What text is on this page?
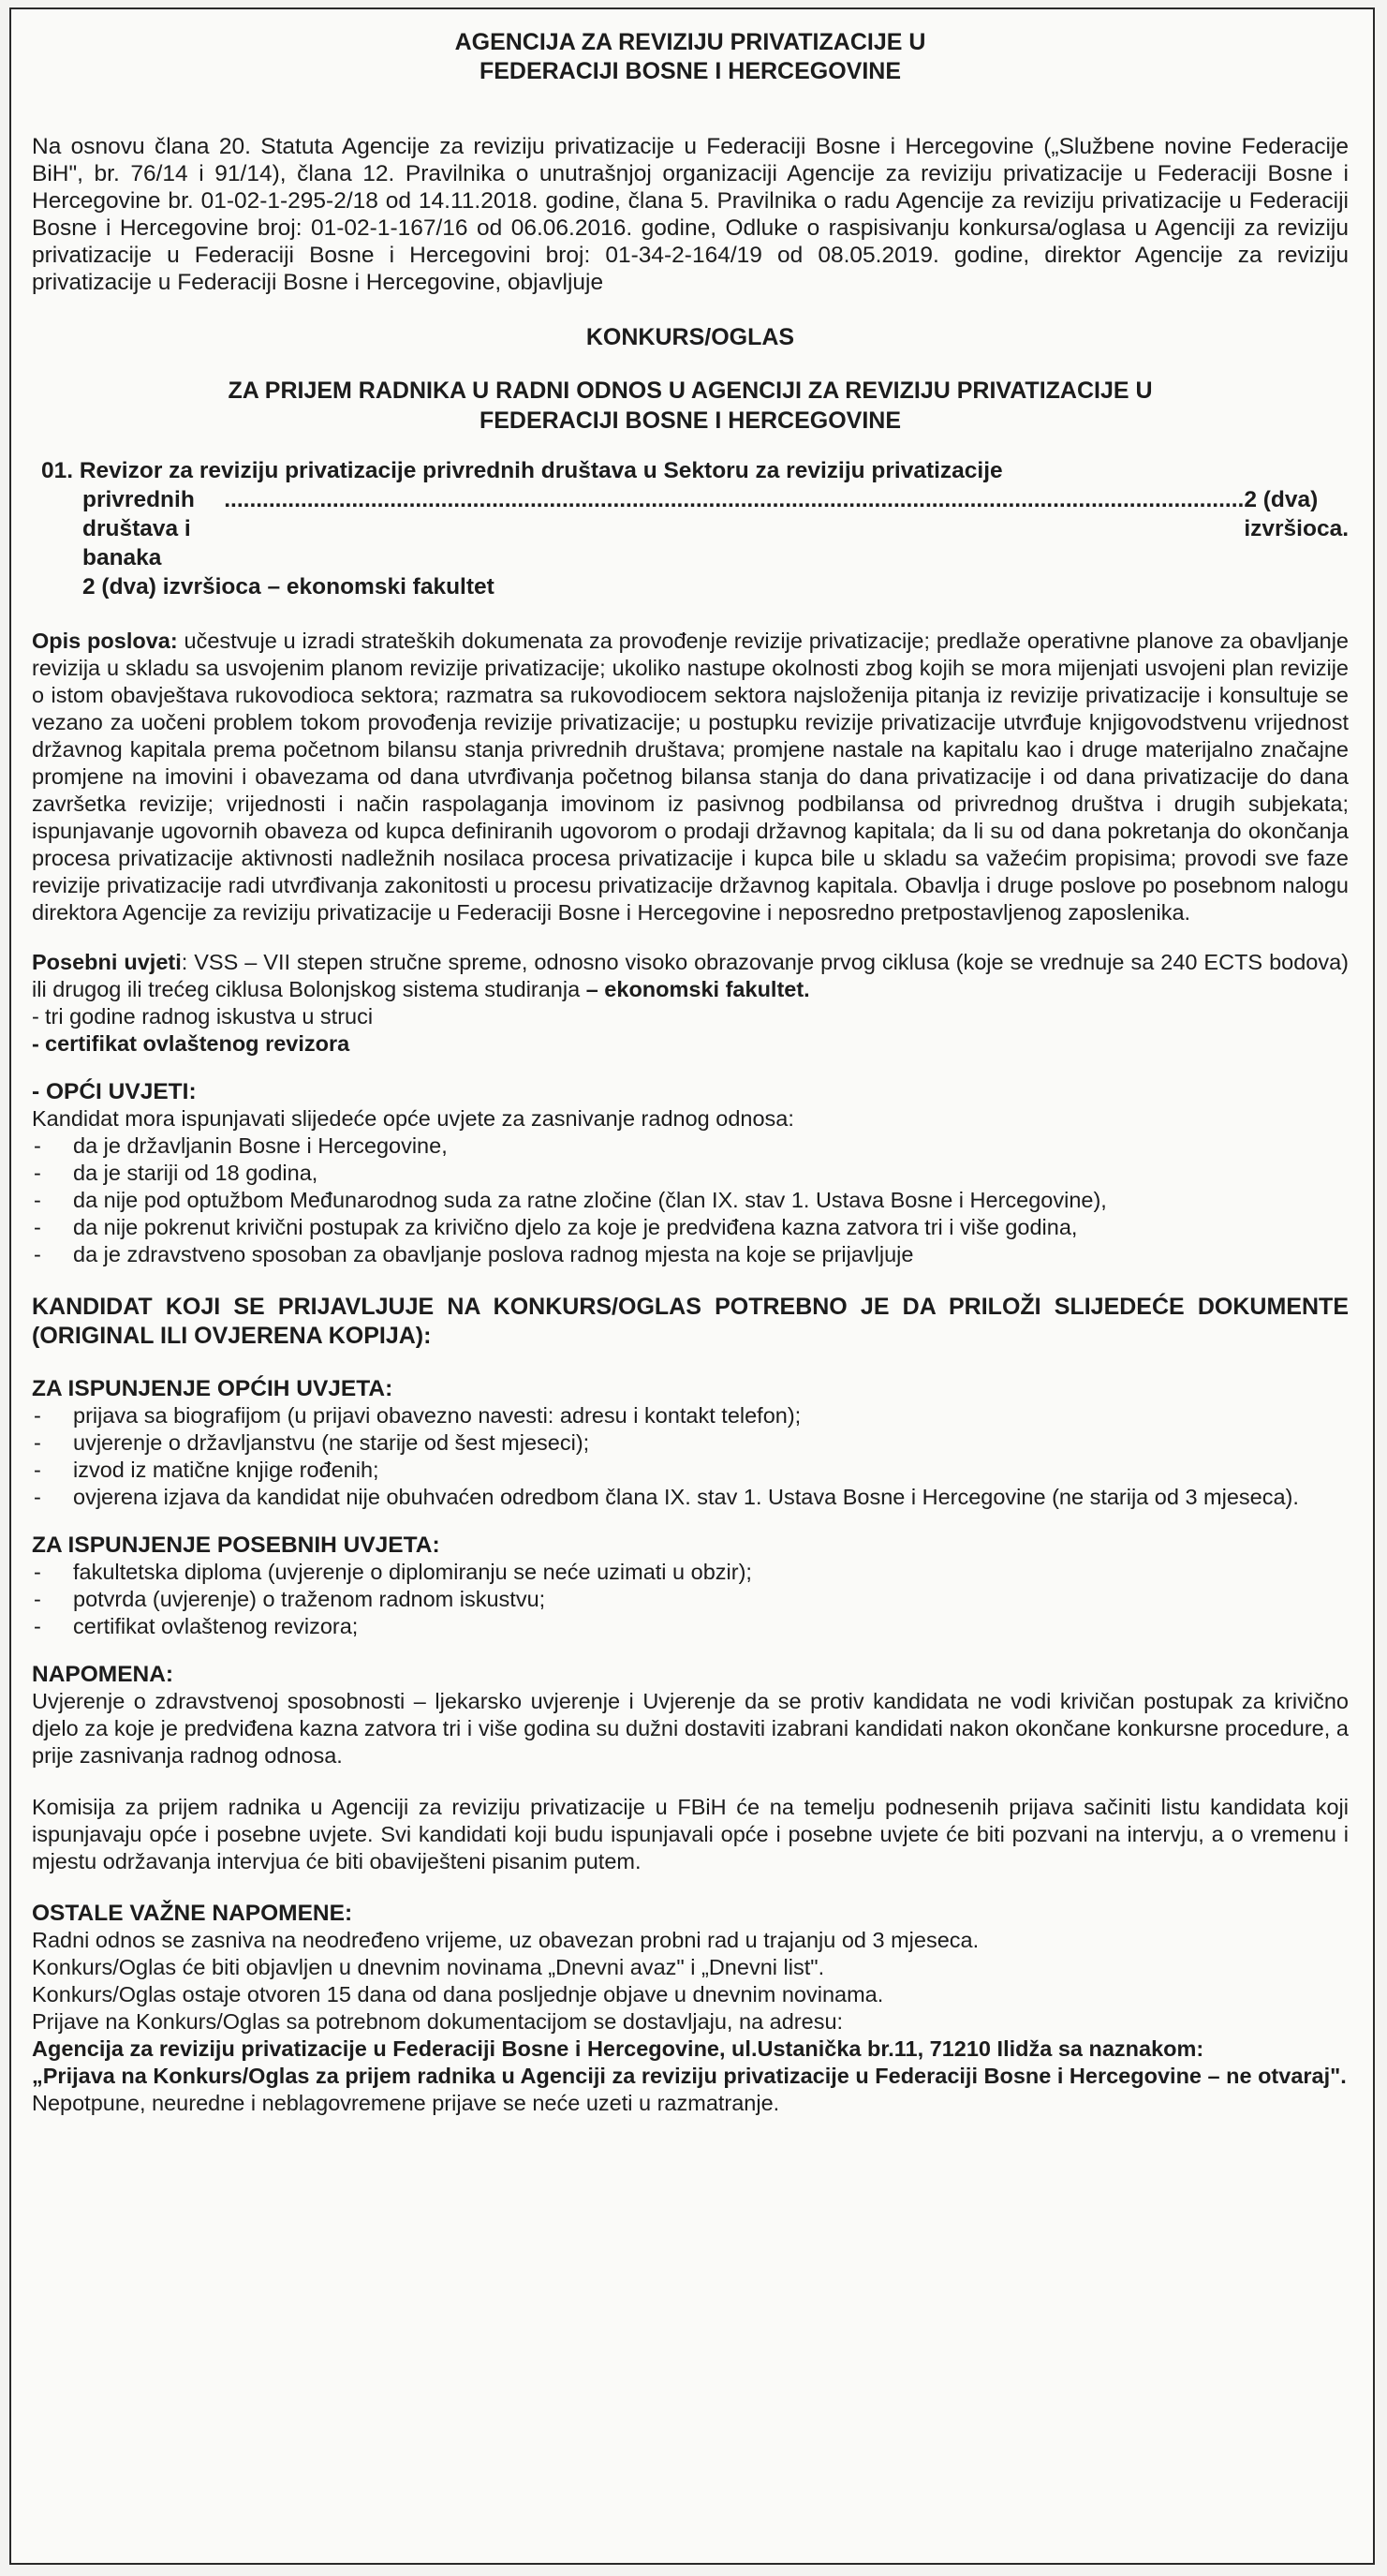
AGENCIJA ZA REVIZIJU PRIVATIZACIJE U
FEDERACIJI BOSNE I HERCEGOVINE
Na osnovu člana 20. Statuta Agencije za reviziju privatizacije u Federaciji Bosne i Hercegovine („Službene novine Federacije BiH", br. 76/14 i 91/14), člana 12. Pravilnika o unutrašnjoj organizaciji Agencije za reviziju privatizacije u Federaciji Bosne i Hercegovine br. 01-02-1-295-2/18 od 14.11.2018. godine, člana 5. Pravilnika o radu Agencije za reviziju privatizacije u Federaciji Bosne i Hercegovine broj: 01-02-1-167/16 od 06.06.2016. godine, Odluke o raspisivanju konkursa/oglasa u Agenciji za reviziju privatizacije u Federaciji Bosne i Hercegovini broj: 01-34-2-164/19 od 08.05.2019. godine, direktor Agencije za reviziju privatizacije u Federaciji Bosne i Hercegovine, objavljuje
KONKURS/OGLAS
ZA PRIJEM RADNIKA U RADNI ODNOS U AGENCIJI ZA REVIZIJU PRIVATIZACIJE U
FEDERACIJI BOSNE I HERCEGOVINE
01. Revizor za reviziju privatizacije privrednih društava u Sektoru za reviziju privatizacije
privrednih društava i banaka
................................................................................................................................................................ 2 (dva) izvršioca.
2 (dva) izvršioca – ekonomski fakultet
Opis poslova: učestvuje u izradi strateških dokumenata za provođenje revizije privatizacije; predlaže operativne planove za obavljanje revizija u skladu sa usvojenim planom revizije privatizacije; ukoliko nastupe okolnosti zbog kojih se mora mijenjati usvojeni plan revizije o istom obavještava rukovodioca sektora; razmatra sa rukovodiocem sektora najsloženija pitanja iz revizije privatizacije i konsultuje se vezano za uočeni problem tokom provođenja revizije privatizacije; u postupku revizije privatizacije utvrđuje knjigovodstvenu vrijednost državnog kapitala prema početnom bilansu stanja privrednih društava; promjene nastale na kapitalu kao i druge materijalno značajne promjene na imovini i obavezama od dana utvrđivanja početnog bilansa stanja do dana privatizacije i od dana privatizacije do dana završetka revizije; vrijednosti i način raspolaganja imovinom iz pasivnog podbilansa od privrednog društva i drugih subjekata; ispunjavanje ugovornih obaveza od kupca definiranih ugovorom o prodaji državnog kapitala; da li su od dana pokretanja do okončanja procesa privatizacije aktivnosti nadležnih nosilaca procesa privatizacije i kupca bile u skladu sa važećim propisima; provodi sve faze revizije privatizacije radi utvrđivanja zakonitosti u procesu privatizacije državnog kapitala. Obavlja i druge poslove po posebnom nalogu direktora Agencije za reviziju privatizacije u Federaciji Bosne i Hercegovine i neposredno pretpostavljenog zaposlenika.
Posebni uvjeti: VSS – VII stepen stručne spreme, odnosno visoko obrazovanje prvog ciklusa (koje se vrednuje sa 240 ECTS bodova) ili drugog ili trećeg ciklusa Bolonjskog sistema studiranja – ekonomski fakultet.
- tri godine radnog iskustva u struci
- certifikat ovlaštenog revizora
- OPĆI UVJETI:
Kandidat mora ispunjavati slijedeće opće uvjete za zasnivanje radnog odnosa:
- da je državljanin Bosne i Hercegovine,
- da je stariji od 18 godina,
- da nije pod optužbom Međunarodnog suda za ratne zločine (član IX. stav 1. Ustava Bosne i Hercegovine),
- da nije pokrenut krivični postupak za krivično djelo za koje je predviđena kazna zatvora tri i više godina,
- da je zdravstveno sposoban za obavljanje poslova radnog mjesta na koje se prijavljuje
KANDIDAT KOJI SE PRIJAVLJUJE NA KONKURS/OGLAS POTREBNO JE DA PRILOŽI SLIJEDEĆE DOKUMENTE (ORIGINAL ILI OVJERENA KOPIJA):
ZA ISPUNJENJE OPĆIH UVJETA:
- prijava sa biografijom (u prijavi obavezno navesti: adresu i kontakt telefon);
- uvjerenje o državljanstvu (ne starije od šest mjeseci);
- izvod iz matične knjige rođenih;
- ovjerena izjava da kandidat nije obuhvaćen odredbom člana IX. stav 1. Ustava Bosne i Hercegovine (ne starija od 3 mjeseca).
ZA ISPUNJENJE POSEBNIH UVJETA:
- fakultetska diploma (uvjerenje o diplomiranju se neće uzimati u obzir);
- potvrda (uvjerenje) o traženom radnom iskustvu;
- certifikat ovlaštenog revizora;
NAPOMENA:
Uvjerenje o zdravstvenoj sposobnosti – ljekarsko uvjerenje i Uvjerenje da se protiv kandidata ne vodi krivičan postupak za krivično djelo za koje je predviđena kazna zatvora tri i više godina su dužni dostaviti izabrani kandidati nakon okončane konkursne procedure, a prije zasnivanja radnog odnosa.
Komisija za prijem radnika u Agenciji za reviziju privatizacije u FBiH će na temelju podnesenih prijava sačiniti listu kandidata koji ispunjavaju opće i posebne uvjete. Svi kandidati koji budu ispunjavali opće i posebne uvjete će biti pozvani na intervju, a o vremenu i mjestu održavanja intervjua će biti obaviješteni pisanim putem.
OSTALE VAŽNE NAPOMENE:
Radni odnos se zasniva na neodređeno vrijeme, uz obavezan probni rad u trajanju od 3 mjeseca.
Konkurs/Oglas će biti objavljen u dnevnim novinama „Dnevni avaz" i „Dnevni list".
Konkurs/Oglas ostaje otvoren 15 dana od dana posljednje objave u dnevnim novinama.
Prijave na Konkurs/Oglas sa potrebnom dokumentacijom se dostavljaju, na adresu:
Agencija za reviziju privatizacije u Federaciji Bosne i Hercegovine, ul.Ustanička br.11, 71210 Ilidža sa naznakom:
„Prijava na Konkurs/Oglas za prijem radnika u Agenciji za reviziju privatizacije u Federaciji Bosne i Hercegovine – ne otvaraj".
Nepotpune, neuredne i neblagovremene prijave se neće uzeti u razmatranje.
